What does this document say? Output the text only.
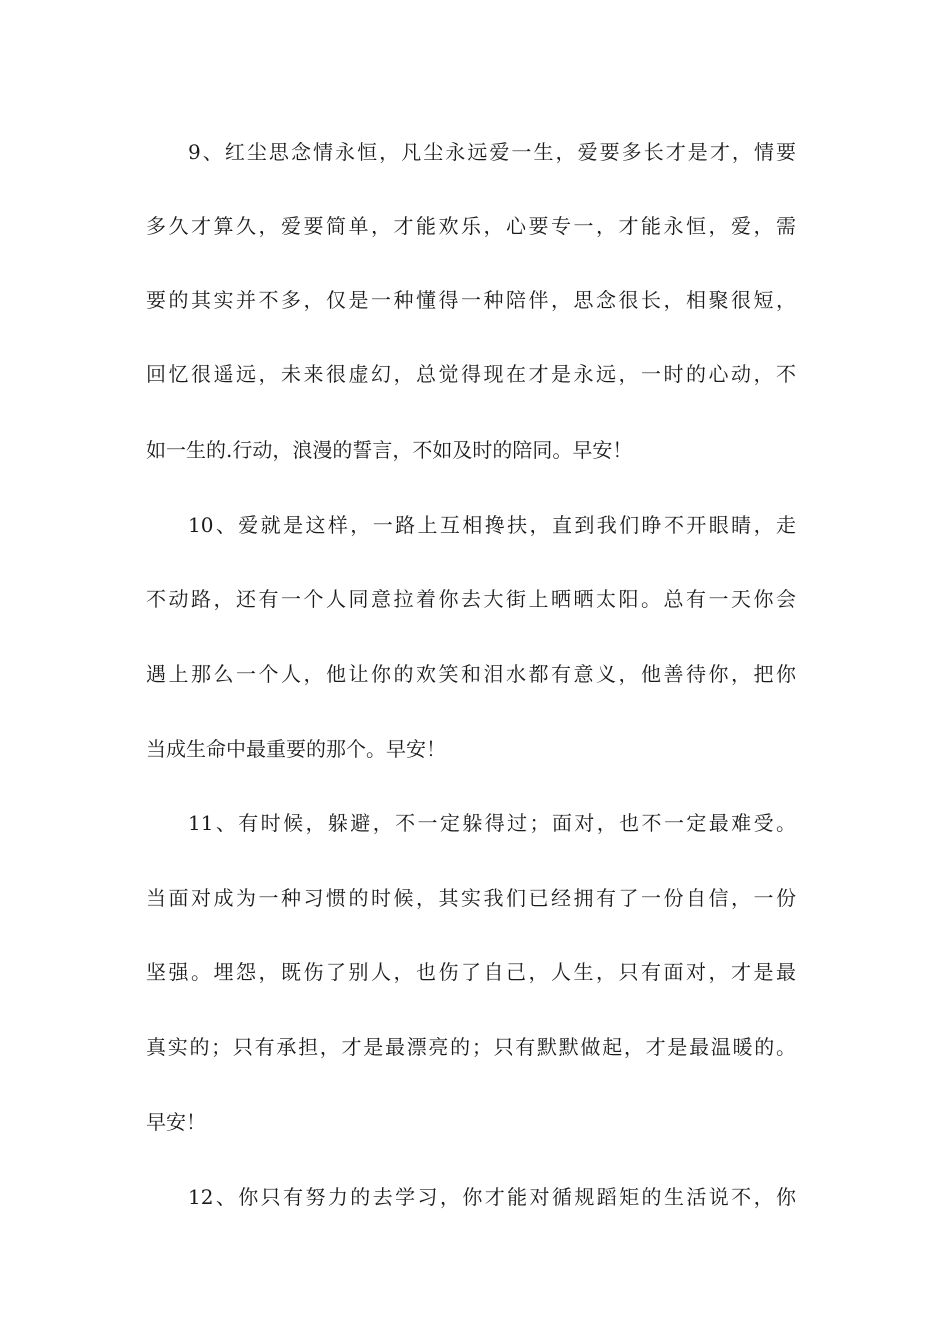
9、红尘思念情永恒，凡尘永远爱一生，爱要多长才是才，情要
多久才算久，爱要简单，才能欢乐，心要专一，才能永恒，爱，需
要的其实并不多，仅是一种懂得一种陪伴，思念很长，相聚很短，
回忆很遥远，未来很虚幻，总觉得现在才是永远，一时的心动，不
如一生的.行动，浪漫的誓言，不如及时的陪同。早安！
10、爱就是这样，一路上互相搀扶，直到我们睁不开眼睛，走
不动路，还有一个人同意拉着你去大街上晒晒太阳。总有一天你会
遇上那么一个人，他让你的欢笑和泪水都有意义，他善待你，把你
当成生命中最重要的那个。早安！
11、有时候，躲避，不一定躲得过；面对，也不一定最难受。
当面对成为一种习惯的时候，其实我们已经拥有了一份自信，一份
坚强。埋怨，既伤了别人，也伤了自己，人生，只有面对，才是最
真实的；只有承担，才是最漂亮的；只有默默做起，才是最温暖的。
早安！
12、你只有努力的去学习，你才能对循规蹈矩的生活说不，你
